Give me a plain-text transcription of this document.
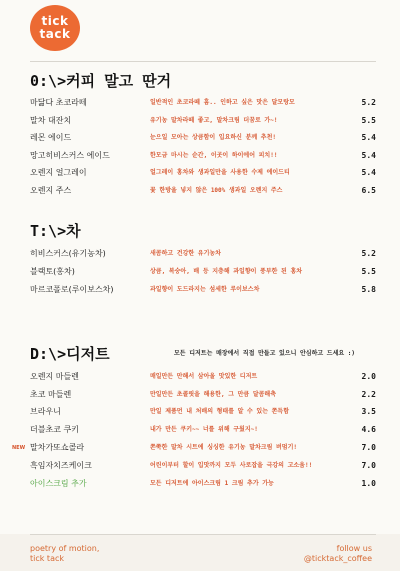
tick
tack
0:\>커피 말고 딴거
마닮다 초코라떼	일반적인 초코라떼 흠.. 인하고 싶은 맛은 달모랑모	5.2
말차 대잔치	유기농 말차라떼 좋고, 말차크림 더꿈로 가~!	5.5
레몬 에이드	눈으일 모아는 상큼함이 입요하신 분께 추천!	5.4
망고히비스커스 에이드	한모금 마시는 순간, 이곳이 하이에어 피치!!	5.4
오렌지 얼그레이	얼그레이 홍차와 생과일만을 사용한 수제 에이드티	5.4
오렌지 주스	꽃 한방울 넣지 않은 100% 생과일 오렌지 주스	6.5
T:\>차
히비스커스(유기농차)	새콤하고 건강한 유기농차	5.2
블랙토(홍차)	상큼, 복숭아, 배 등 지층해 과일향이 풍부한 된 홍차	5.5
마르코폴로(루이보스차)	과일향이 도드라지는 섬세한 루이보스차	5.8
D:\>디저트	모든 디저트는 매장에서 직접 만들고 있으니 안심하고 드세요 :)
오렌지 마들렌	매일만든 만해서 삼아울 맛있한 디저트	2.0
초코 마들렌	만일만든 초콜릿을 해용한, 그 만큼 달콤해축	2.2
브라우니	만일 제품먼 내 처배의 형태를 알 수 있는 쫀득함	3.5
더블초코 쿠키	내가 만든 쿠키~~ 너를 위해 구웠지~!	4.6
NEW 말차가또쇼콜라	쫀쭉한 말차 시트에 싱싱한 유기농 말차크림 버멈기!	7.0
흑임자치즈케이크	어린이부터 할이 입맛까지 모두 사로잡을 극강의 고소움!!	7.0
아이스크림 추가	모든 디저트에 아이스크림 1 크림 추가 가능	1.0
poetry of motion,
tick tack
follow us
@ticktack_coffee
